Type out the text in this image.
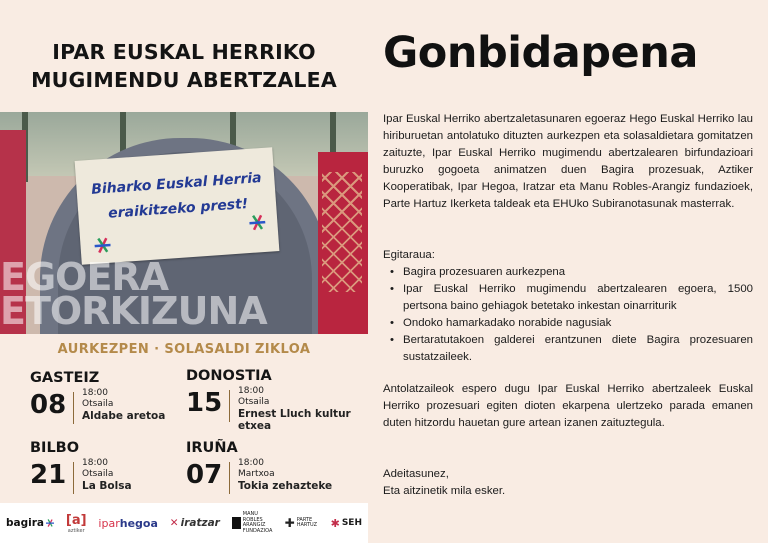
IPAR EUSKAL HERRIKO
MUGIMENDU ABERTZALEA
Biharko Euskal Herria
eraikitzeko prest!
EGOERA
ETORKIZUNA
AURKEZPEN · SOLASALDI ZIKLOA
GASTEIZ
08 18:00
Otsaila
Aldabe aretoa
DONOSTIA
15 18:00
Otsaila
Ernest Lluch kultur etxea
BILBO
21 18:00
Otsaila
La Bolsa
IRUÑA
07 18:00
Martxoa
Tokia zehazteke
bagira [a]
aztiker
ipar hegoa ✕ iratzar
MANU ROBLES ARANGIZ FUNDAZIOA
✚ PARTE HARTUZ ✱ SEH
Gonbidapena

Ipar Euskal Herriko abertzaletasunaren egoeraz Hego Euskal Herriko lau hiriburuetan antolatuko dituzten aurkezpen eta solasaldietara gomitatzen zaituzte, Ipar Euskal Herriko mugimendu abertzalearen birfundazioari buruzko gogoeta animatzen duen Bagira prozesuak, Aztiker Kooperatibak, Ipar Hegoa, Iratzar eta Manu Robles-Arangiz fundazioek, Parte Hartuz Ikerketa taldeak eta EHUko Subiranotasunak masterrak.

Egitaraua:

• Bagira prozesuaren aurkezpena
• Ipar Euskal Herriko mugimendu abertzalearen egoera, 1500 pertsona baino gehiagok betetako inkestan oinarriturik
• Ondoko hamarkadako norabide nagusiak
• Bertaratutakoen galderei erantzunen diete Bagira prozesuaren sustatzaileek.

Antolatzaileok espero dugu Ipar Euskal Herriko abertzaleek Euskal Herriko prozesuari egiten dioten ekarpena ulertzeko parada emanen duten hitzordu hauetan gure artean izanen zaituztegula.

Adeitasunez,
Eta aitzinetik mila esker.
